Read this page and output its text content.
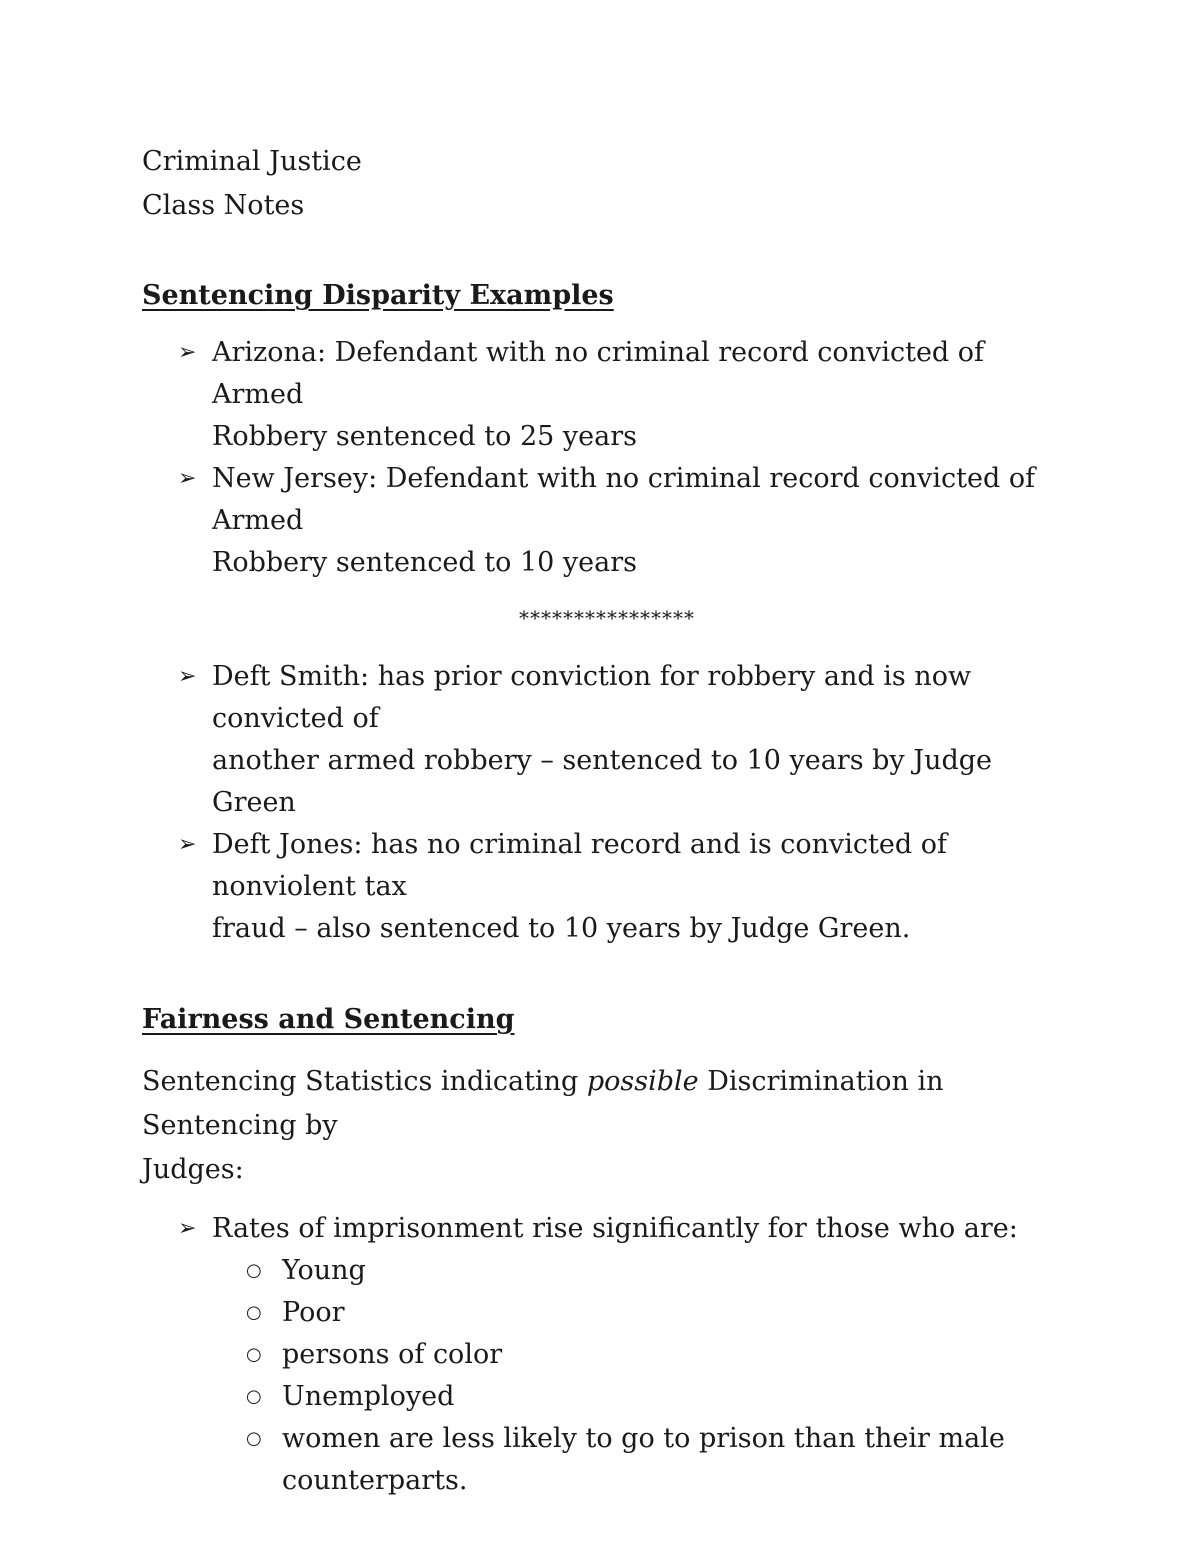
Criminal Justice

Class Notes

Sentencing Disparity Examples
➢ Arizona: Defendant with no criminal record convicted of Armed
Robbery sentenced to 25 years
➢ New Jersey: Defendant with no criminal record convicted of Armed
Robbery sentenced to 10 years

****************

➢ Deft Smith: has prior conviction for robbery and is now convicted of
another armed robbery – sentenced to 10 years by Judge Green
➢ Deft Jones: has no criminal record and is convicted of nonviolent tax
fraud – also sentenced to 10 years by Judge Green.
Fairness and Sentencing

Sentencing Statistics indicating possible Discrimination in Sentencing by
Judges:

➢ Rates of imprisonment rise significantly for those who are:
○ Young
○ Poor
○ persons of color
○ Unemployed
○ women are less likely to go to prison than their male
counterparts.
